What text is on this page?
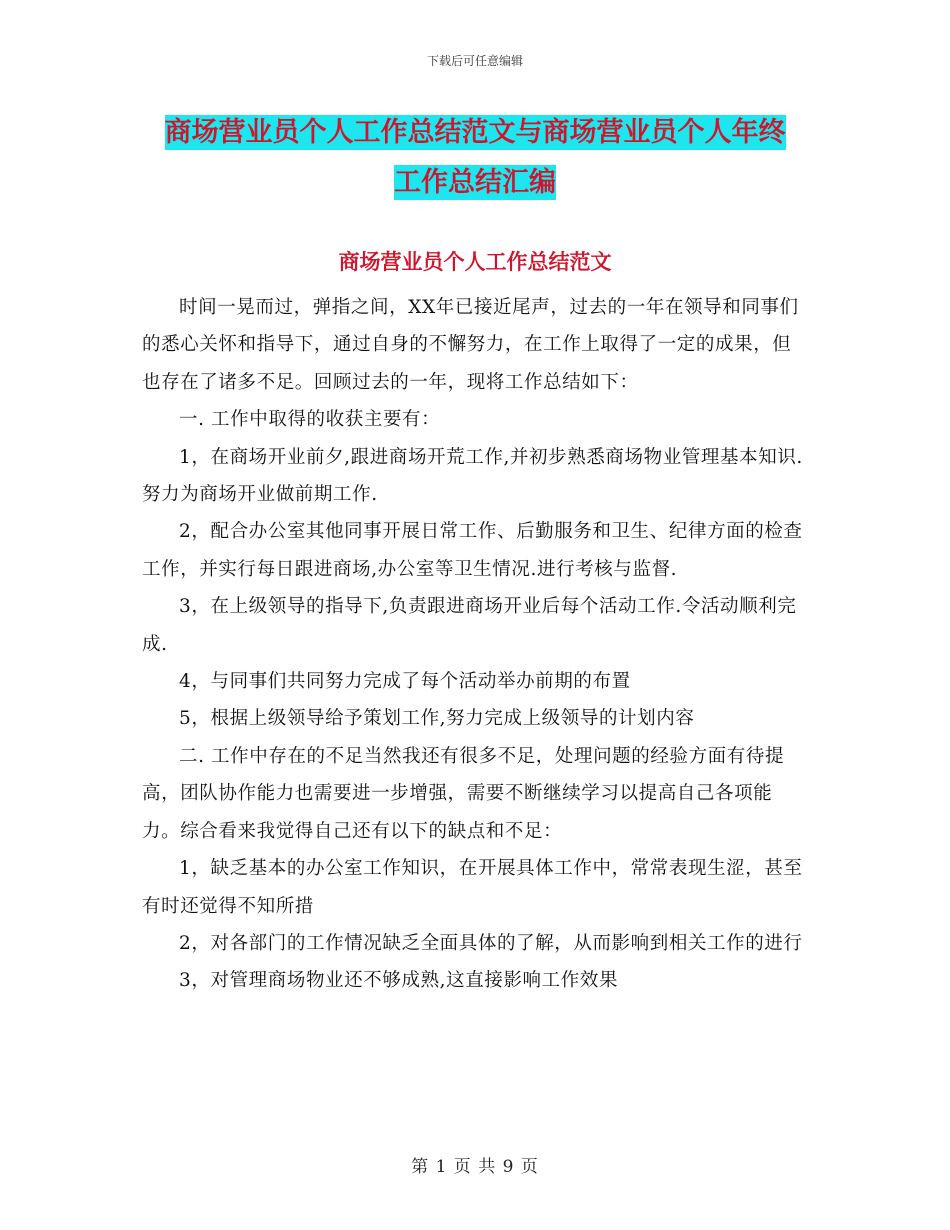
下载后可任意编辑
商场营业员个人工作总结范文与商场营业员个人年终
工作总结汇编
商场营业员个人工作总结范文

时间一晃而过，弹指之间，XX年已接近尾声，过去的一年在领导和同事们的悉心关怀和指导下，通过自身的不懈努力，在工作上取得了一定的成果，但也存在了诸多不足。回顾过去的一年，现将工作总结如下：

一. 工作中取得的收获主要有：

1，在商场开业前夕,跟进商场开荒工作,并初步熟悉商场物业管理基本知识.努力为商场开业做前期工作.

2，配合办公室其他同事开展日常工作、后勤服务和卫生、纪律方面的检查工作，并实行每日跟进商场,办公室等卫生情况.进行考核与监督.

3，在上级领导的指导下,负责跟进商场开业后每个活动工作.令活动顺利完成.

4，与同事们共同努力完成了每个活动举办前期的布置

5，根据上级领导给予策划工作,努力完成上级领导的计划内容

二. 工作中存在的不足当然我还有很多不足，处理问题的经验方面有待提高，团队协作能力也需要进一步增强，需要不断继续学习以提高自己各项能力。综合看来我觉得自己还有以下的缺点和不足：

1，缺乏基本的办公室工作知识，在开展具体工作中，常常表现生涩，甚至有时还觉得不知所措

2，对各部门的工作情况缺乏全面具体的了解，从而影响到相关工作的进行

3，对管理商场物业还不够成熟,这直接影响工作效果

第 1 页 共 9 页
